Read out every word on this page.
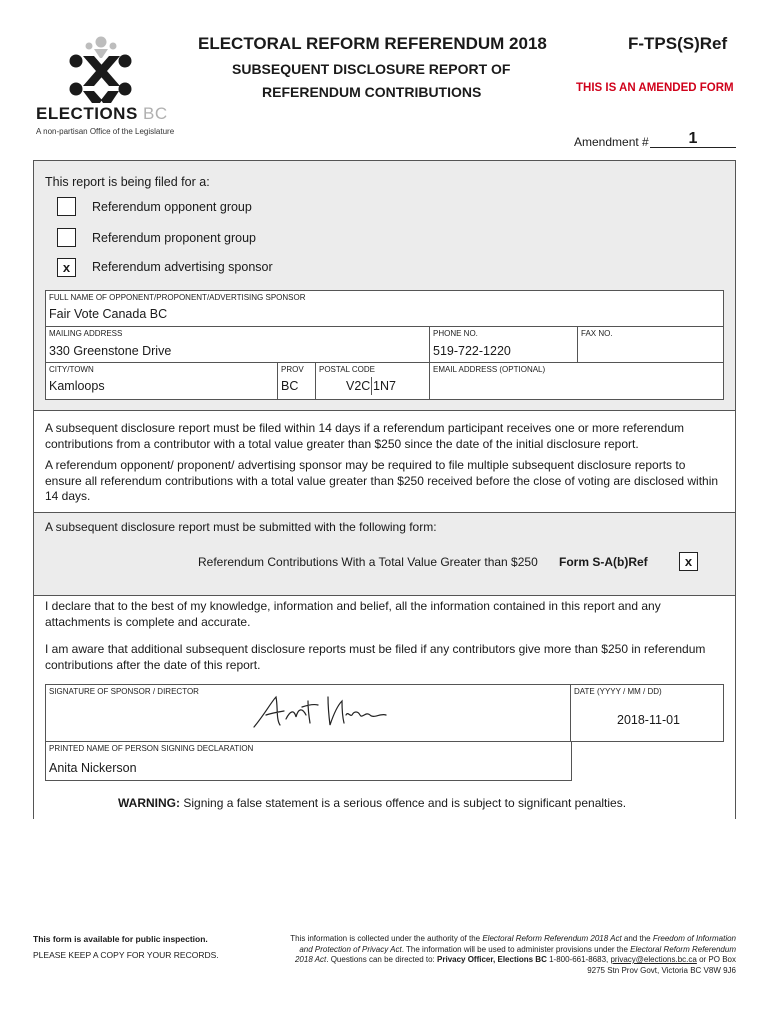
ELECTIONS BC
A non-partisan Office of the Legislature
ELECTORAL REFORM REFERENDUM 2018
SUBSEQUENT DISCLOSURE REPORT OF
REFERENDUM CONTRIBUTIONS
F-TPS(S)Ref
THIS IS AN AMENDED FORM
Amendment #	1
This report is being filed for a:
Referendum opponent group
Referendum proponent group
x	Referendum advertising sponsor
FULL NAME OF OPPONENT/PROPONENT/ADVERTISING SPONSOR
Fair Vote Canada BC
MAILING ADDRESS
330 Greenstone Drive
PHONE NO.
519-722-1220
FAX NO.
CITY/TOWN
Kamloops
PROV
BC
POSTAL CODE
V2C 1N7
EMAIL ADDRESS (OPTIONAL)
A subsequent disclosure report must be filed within 14 days if a referendum participant receives one or more referendum contributions from a contributor with a total value greater than $250 since the date of the initial disclosure report.
A referendum opponent/ proponent/ advertising sponsor may be required to file multiple subsequent disclosure reports to ensure all referendum contributions with a total value greater than $250 received before the close of voting are disclosed within 14 days.
A subsequent disclosure report must be submitted with the following form:
Referendum Contributions With a Total Value Greater than $250 Form S-A(b)Ref	x
I declare that to the best of my knowledge, information and belief, all the information contained in this report and any attachments is complete and accurate.
I am aware that additional subsequent disclosure reports must be filed if any contributors give more than $250 in referendum contributions after the date of this report.
SIGNATURE OF SPONSOR / DIRECTOR	DATE (YYYY / MM / DD)
2018-11-01
PRINTED NAME OF PERSON SIGNING DECLARATION
Anita Nickerson
WARNING: Signing a false statement is a serious offence and is subject to significant penalties.
This form is available for public inspection.
PLEASE KEEP A COPY FOR YOUR RECORDS.
This information is collected under the authority of the Electoral Reform Referendum 2018 Act and the Freedom of Information and Protection of Privacy Act. The information will be used to administer provisions under the Electoral Reform Referendum 2018 Act. Questions can be directed to: Privacy Officer, Elections BC 1-800-661-8683, privacy@elections.bc.ca or PO Box 9275 Stn Prov Govt, Victoria BC V8W 9J6
